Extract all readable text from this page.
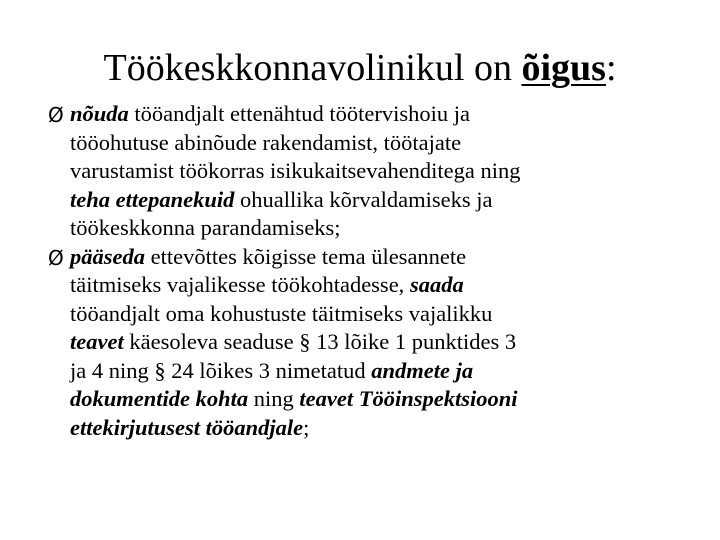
Töökeskkonnavolinikul on õigus:
Ø nõuda tööandjalt ettenähtud töötervishoiu ja
tööohutuse abinõude rakendamist, töötajate
varustamist töökorras isikukaitsevahenditega ning
teha ettepanekuid ohuallika kõrvaldamiseks ja
töökeskkonna parandamiseks;
Ø pääseda ettevõttes kõigisse tema ülesannete
täitmiseks vajalikesse töökohtadesse, saada
tööandjalt oma kohustuste täitmiseks vajalikku
teavet käesoleva seaduse § 13 lõike 1 punktides 3
ja 4 ning § 24 lõikes 3 nimetatud andmete ja
dokumentide kohta ning teavet Tööinspektsiooni
ettekirjutusest tööandjale;
